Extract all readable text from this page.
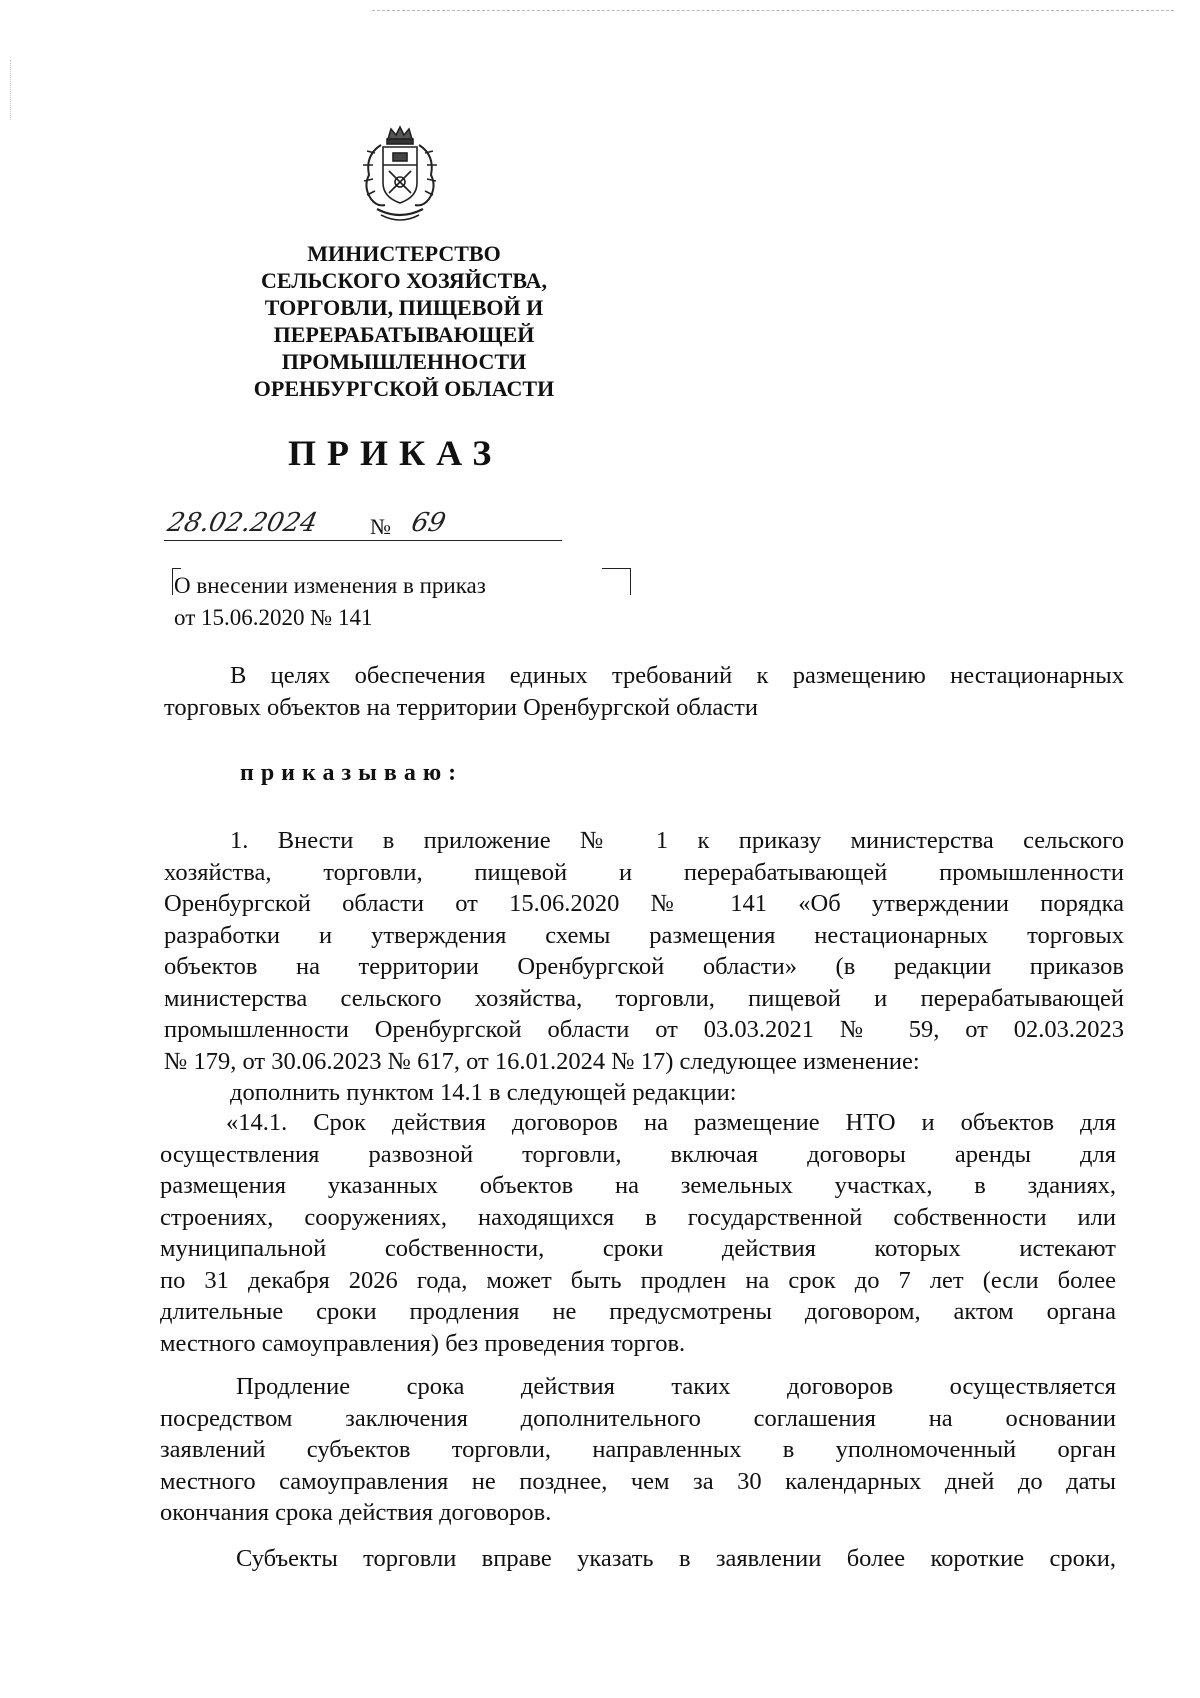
МИНИСТЕРСТВО
СЕЛЬСКОГО ХОЗЯЙСТВА,
ТОРГОВЛИ, ПИЩЕВОЙ И
ПЕРЕРАБАТЫВАЮЩЕЙ
ПРОМЫШЛЕННОСТИ
ОРЕНБУРГСКОЙ ОБЛАСТИ
ПРИКАЗ
28.02.2024 № 69
О внесении изменения в приказ
от 15.06.2020 № 141
В целях обеспечения единых требований к размещению нестационарных
торговых объектов на территории Оренбургской области
приказываю:
1. Внести в приложение № 1 к приказу министерства сельского
хозяйства, торговли, пищевой и перерабатывающей промышленности
Оренбургской области от 15.06.2020 № 141 «Об утверждении порядка
разработки и утверждения схемы размещения нестационарных торговых
объектов на территории Оренбургской области» (в редакции приказов
министерства сельского хозяйства, торговли, пищевой и перерабатывающей
промышленности Оренбургской области от 03.03.2021 № 59, от 02.03.2023
№ 179, от 30.06.2023 № 617, от 16.01.2024 № 17) следующее изменение:
дополнить пунктом 14.1 в следующей редакции:
«14.1. Срок действия договоров на размещение НТО и объектов для
осуществления развозной торговли, включая договоры аренды для
размещения указанных объектов на земельных участках, в зданиях,
строениях, сооружениях, находящихся в государственной собственности или
муниципальной собственности, сроки действия которых истекают
по 31 декабря 2026 года, может быть продлен на срок до 7 лет (если более
длительные сроки продления не предусмотрены договором, актом органа
местного самоуправления) без проведения торгов.
Продление срока действия таких договоров осуществляется
посредством заключения дополнительного соглашения на основании
заявлений субъектов торговли, направленных в уполномоченный орган
местного самоуправления не позднее, чем за 30 календарных дней до даты
окончания срока действия договоров.
Субъекты торговли вправе указать в заявлении более короткие сроки,
